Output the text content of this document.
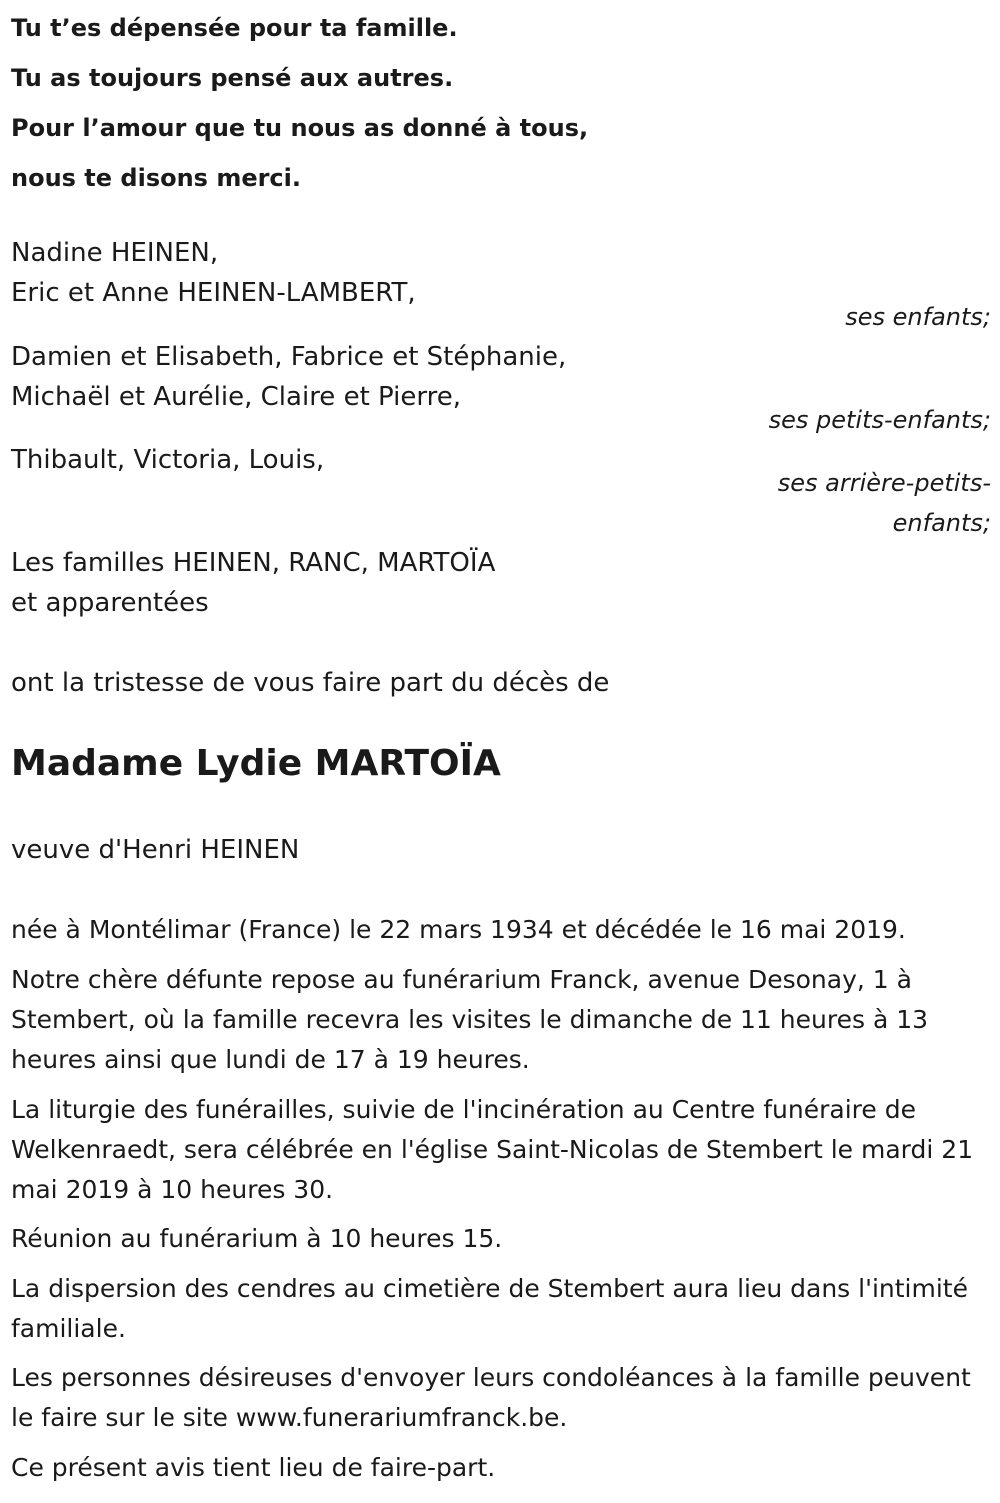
Tu t’es dépensée pour ta famille.
Tu as toujours pensé aux autres.
Pour l’amour que tu nous as donné à tous,
nous te disons merci.
Nadine HEINEN,
Eric et Anne HEINEN-LAMBERT,
ses enfants;
Damien et Elisabeth, Fabrice et Stéphanie,
Michaël et Aurélie, Claire et Pierre,
ses petits-enfants;
Thibault, Victoria, Louis,
ses arrière-petits-
enfants;
Les familles HEINEN, RANC, MARTOÏA
et apparentées
ont la tristesse de vous faire part du décès de
Madame Lydie MARTOÏA
veuve d'Henri HEINEN
née à Montélimar (France) le 22 mars 1934 et décédée le 16 mai 2019.
Notre chère défunte repose au funérarium Franck, avenue Desonay, 1 à Stembert, où la famille recevra les visites le dimanche de 11 heures à 13 heures ainsi que lundi de 17 à 19 heures.
La liturgie des funérailles, suivie de l'incinération au Centre funéraire de Welkenraedt, sera célébrée en l'église Saint-Nicolas de Stembert le mardi 21 mai 2019 à 10 heures 30.
Réunion au funérarium à 10 heures 15.
La dispersion des cendres au cimetière de Stembert aura lieu dans l'intimité familiale.
Les personnes désireuses d'envoyer leurs condoléances à la famille peuvent le faire sur le site www.funerariumfranck.be.
Ce présent avis tient lieu de faire-part.
